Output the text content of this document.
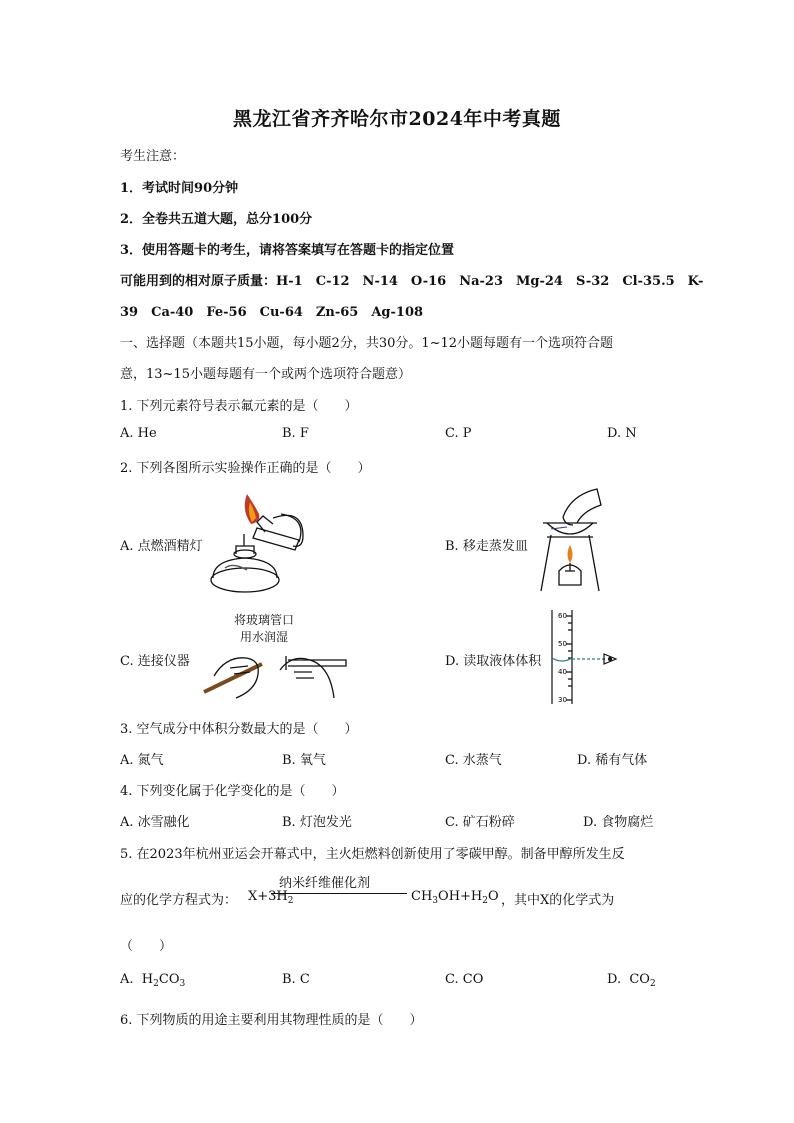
黑龙江省齐齐哈尔市2024年中考真题
考生注意：
1．考试时间90分钟
2．全卷共五道大题，总分100分
3．使用答题卡的考生，请将答案填写在答题卡的指定位置
可能用到的相对原子质量：H-1　C-12　N-14　O-16　Na-23　Mg-24　S-32　Cl-35.5　K-
39　Ca-40　Fe-56　Cu-64　Zn-65　Ag-108
一、选择题（本题共15小题，每小题2分，共30分。1~12小题每题有一个选项符合题
意，13~15小题每题有一个或两个选项符合题意）
1. 下列元素符号表示氟元素的是（　　）
A. He	B. F	C. P	D. N
2. 下列各图所示实验操作正确的是（　　）
A. 点燃酒精灯	B. 移走蒸发皿
将玻璃管口
用水润湿
C. 连接仪器	D. 读取液体体积
60
50
40
30
3. 空气成分中体积分数最大的是（　　）
A. 氮气	B. 氧气	C. 水蒸气	D. 稀有气体
4. 下列变化属于化学变化的是（　　）
A. 冰雪融化	B. 灯泡发光	C. 矿石粉碎	D. 食物腐烂
5. 在2023年杭州亚运会开幕式中，主火炬燃料创新使用了零碳甲醇。制备甲醇所发生反
应的化学方程式为： $X+3H_2$
纳米纤维催化剂
$CH_3OH+H_2O$ ，其中X的化学式为
（　　）
A. $H_2CO_3$	B. C	C. CO	D. $CO_2$
6. 下列物质的用途主要利用其物理性质的是（　　）
